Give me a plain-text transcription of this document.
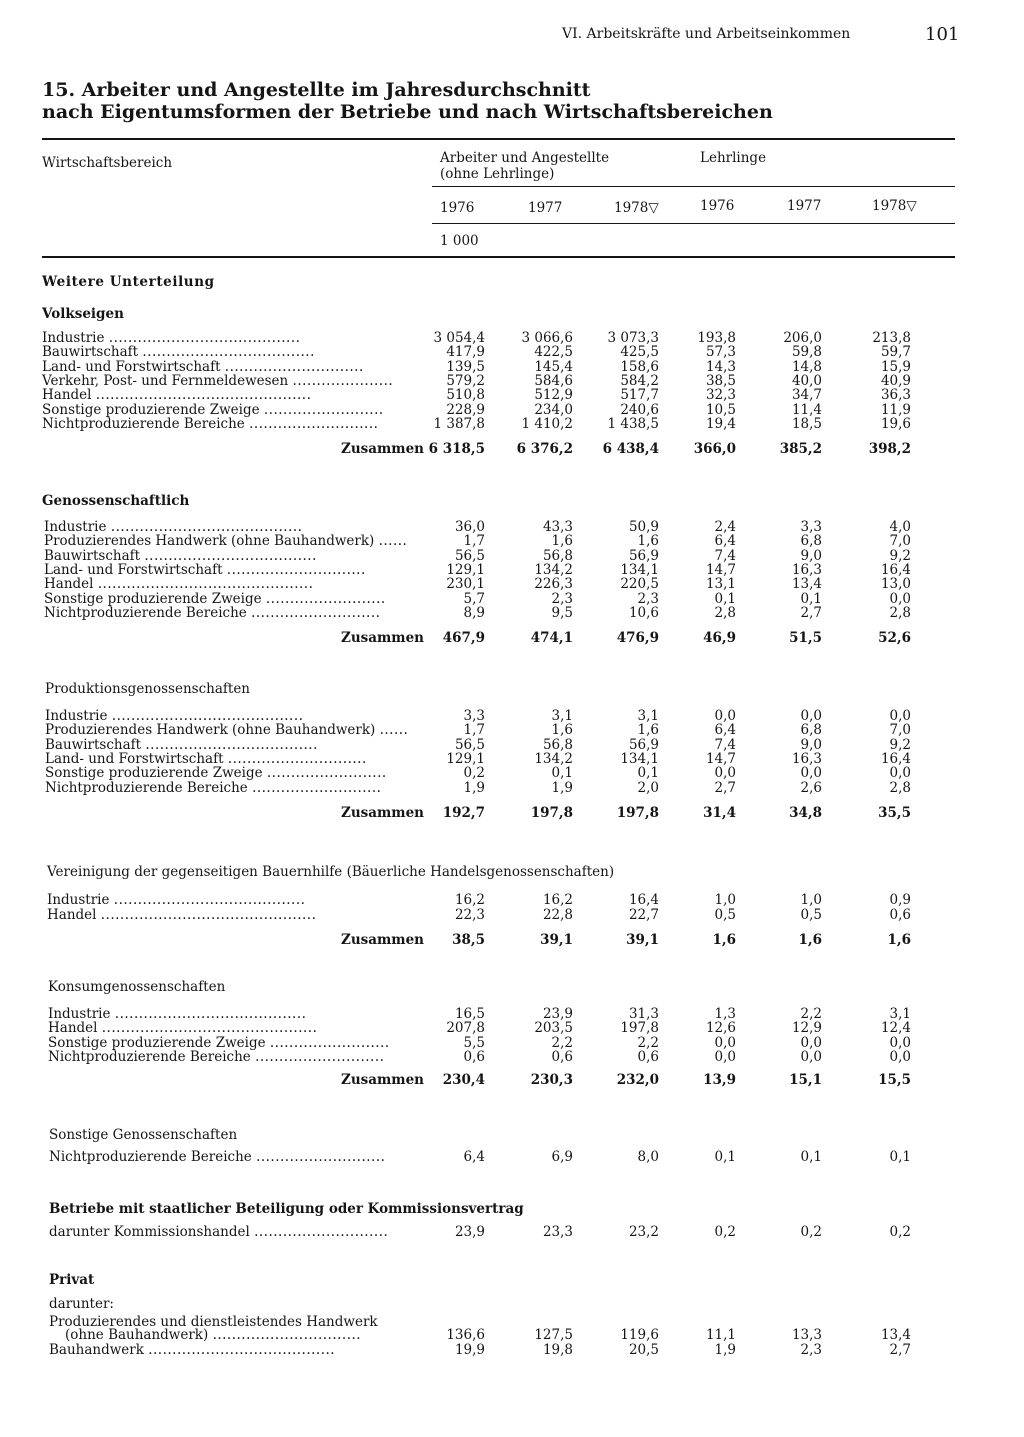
VI. Arbeitskräfte und Arbeitseinkommen	101
15. Arbeiter und Angestellte im Jahresdurchschnitt
nach Eigentumsformen der Betriebe und nach Wirtschaftsbereichen
Wirtschaftsbereich	Arbeiter und Angestellte
(ohne Lehrlinge)
Lehrlinge
1976	1977	1978▽	1976	1977	1978▽
1 000
Weitere Unterteilung
Volkseigen
Industrie ........................................	3 054,4	3 066,6	3 073,3	193,8	206,0	213,8
Bauwirtschaft ....................................	417,9	422,5	425,5	57,3	59,8	59,7
Land- und Forstwirtschaft .............................	139,5	145,4	158,6	14,3	14,8	15,9
Verkehr, Post- und Fernmeldewesen .....................	579,2	584,6	584,2	38,5	40,0	40,9
Handel .............................................	510,8	512,9	517,7	32,3	34,7	36,3
Sonstige produzierende Zweige .........................	228,9	234,0	240,6	10,5	11,4	11,9
Nichtproduzierende Bereiche ...........................	1 387,8	1 410,2	1 438,5	19,4	18,5	19,6
Zusammen 6 318,5	6 376,2	6 438,4	366,0	385,2	398,2
Genossenschaftlich
Industrie ........................................	36,0	43,3	50,9	2,4	3,3	4,0
Produzierendes Handwerk (ohne Bauhandwerk) ......	1,7	1,6	1,6	6,4	6,8	7,0
Bauwirtschaft ....................................	56,5	56,8	56,9	7,4	9,0	9,2
Land- und Forstwirtschaft .............................	129,1	134,2	134,1	14,7	16,3	16,4
Handel .............................................	230,1	226,3	220,5	13,1	13,4	13,0
Sonstige produzierende Zweige .........................	5,7	2,3	2,3	0,1	0,1	0,0
Nichtproduzierende Bereiche ...........................	8,9	9,5	10,6	2,8	2,7	2,8
Zusammen	467,9	474,1	476,9	46,9	51,5	52,6
Produktionsgenossenschaften
Industrie ........................................	3,3	3,1	3,1	0,0	0,0	0,0
Produzierendes Handwerk (ohne Bauhandwerk) ......	1,7	1,6	1,6	6,4	6,8	7,0
Bauwirtschaft ....................................	56,5	56,8	56,9	7,4	9,0	9,2
Land- und Forstwirtschaft .............................	129,1	134,2	134,1	14,7	16,3	16,4
Sonstige produzierende Zweige .........................	0,2	0,1	0,1	0,0	0,0	0,0
Nichtproduzierende Bereiche ...........................	1,9	1,9	2,0	2,7	2,6	2,8
Zusammen	192,7	197,8	197,8	31,4	34,8	35,5
Vereinigung der gegenseitigen Bauernhilfe (Bäuerliche Handelsgenossenschaften)
Industrie ........................................	16,2	16,2	16,4	1,0	1,0	0,9
Handel .............................................	22,3	22,8	22,7	0,5	0,5	0,6
Zusammen	38,5	39,1	39,1	1,6	1,6	1,6
Konsumgenossenschaften
Industrie ........................................	16,5	23,9	31,3	1,3	2,2	3,1
Handel .............................................	207,8	203,5	197,8	12,6	12,9	12,4
Sonstige produzierende Zweige .........................	5,5	2,2	2,2	0,0	0,0	0,0
Nichtproduzierende Bereiche ...........................	0,6	0,6	0,6	0,0	0,0	0,0
Zusammen	230,4	230,3	232,0	13,9	15,1	15,5
Sonstige Genossenschaften
Nichtproduzierende Bereiche ...........................	6,4	6,9	8,0	0,1	0,1	0,1
Betriebe mit staatlicher Beteiligung oder Kommissionsvertrag
darunter Kommissionshandel ............................	23,9	23,3	23,2	0,2	0,2	0,2
Privat
darunter:
Produzierendes und dienstleistendes Handwerk
(ohne Bauhandwerk) ...............................	136,6	127,5	119,6	11,1	13,3	13,4
Bauhandwerk .......................................	19,9	19,8	20,5	1,9	2,3	2,7
